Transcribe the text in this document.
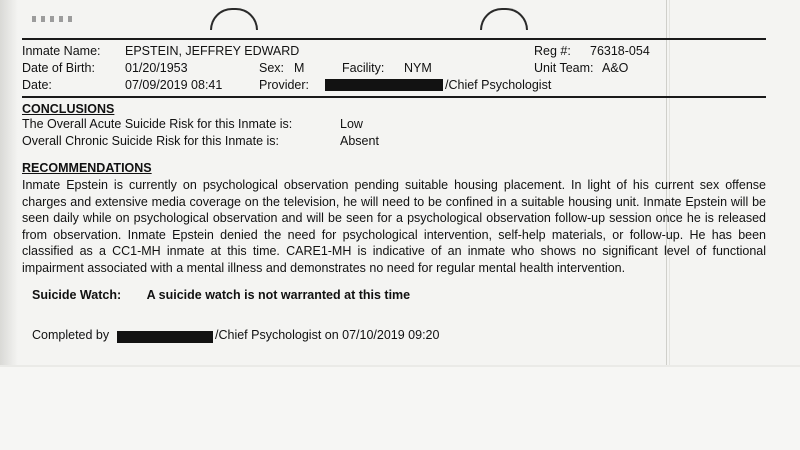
Inmate Name: EPSTEIN, JEFFREY EDWARD	Reg #: 76318-054
Date of Birth: 01/20/1953	Sex: M	Facility: NYM	Unit Team: A&O
Date:	07/09/2019 08:41	Provider:	/Chief Psychologist
CONCLUSIONS
The Overall Acute Suicide Risk for this Inmate is:	Low
Overall Chronic Suicide Risk for this Inmate is:	Absent
RECOMMENDATIONS
Inmate Epstein is currently on psychological observation pending suitable housing placement. In light of his current sex offense charges and extensive media coverage on the television, he will need to be confined in a suitable housing unit. Inmate Epstein will be seen daily while on psychological observation and will be seen for a psychological observation follow-up session once he is released from observation. Inmate Epstein denied the need for psychological intervention, self-help materials, or follow-up. He has been classified as a CC1-MH inmate at this time. CARE1-MH is indicative of an inmate who shows no significant level of functional impairment associated with a mental illness and demonstrates no need for regular mental health intervention.
Suicide Watch: A suicide watch is not warranted at this time
Completed by	/Chief Psychologist on 07/10/2019 09:20
